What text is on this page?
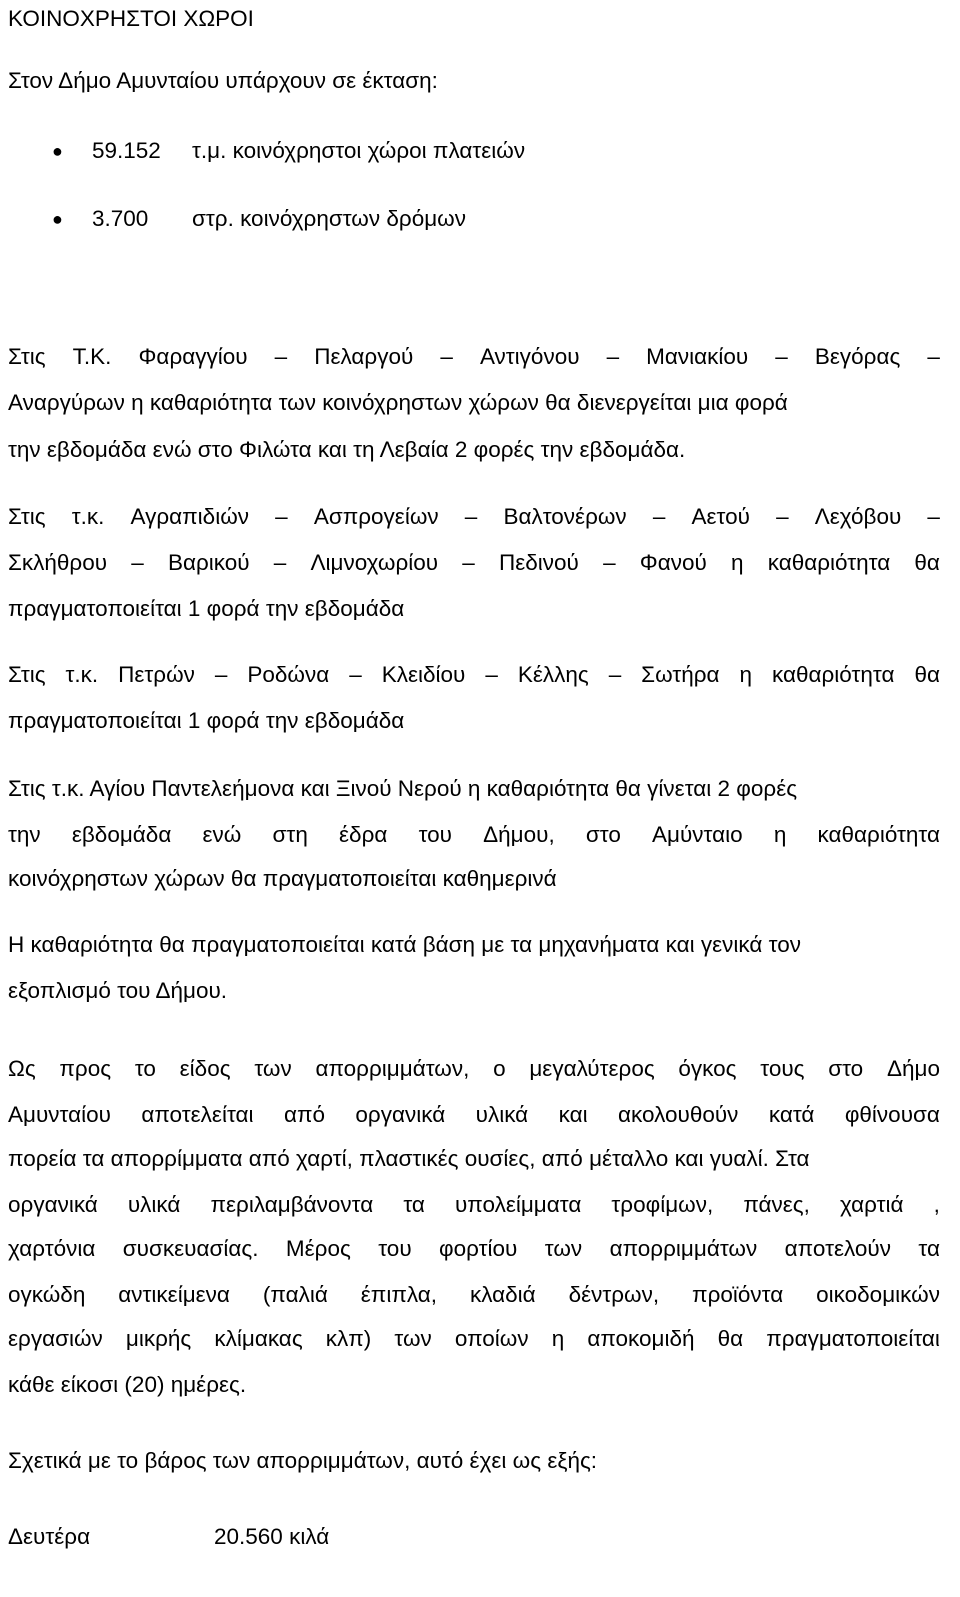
ΚΟΙΝΟΧΡΗΣΤΟΙ ΧΩΡΟΙ
Στον Δήμο Αμυνταίου υπάρχουν σε έκταση:
● 59.152 τ.μ. κοινόχρηστοι χώροι πλατειών
● 3.700 στρ. κοινόχρηστων δρόμων
Στις Τ.Κ. Φαραγγίου – Πελαργού – Αντιγόνου – Μανιακίου – Βεγόρας –
Αναργύρων η καθαριότητα των κοινόχρηστων χώρων θα διενεργείται μια φορά
την εβδομάδα ενώ στο Φιλώτα και τη Λεβαία 2 φορές την εβδομάδα.
Στις τ.κ. Αγραπιδιών – Ασπρογείων – Βαλτονέρων – Αετού – Λεχόβου –
Σκλήθρου – Βαρικού – Λιμνοχωρίου – Πεδινού – Φανού η καθαριότητα θα
πραγματοποιείται 1 φορά την εβδομάδα
Στις τ.κ. Πετρών – Ροδώνα – Κλειδίου – Κέλλης – Σωτήρα η καθαριότητα θα
πραγματοποιείται 1 φορά την εβδομάδα
Στις τ.κ. Αγίου Παντελεήμονα και Ξινού Νερού η καθαριότητα θα γίνεται 2 φορές
την εβδομάδα ενώ στη έδρα του Δήμου, στο Αμύνταιο η καθαριότητα
κοινόχρηστων χώρων θα πραγματοποιείται καθημερινά
Η καθαριότητα θα πραγματοποιείται κατά βάση με τα μηχανήματα και γενικά τον
εξοπλισμό του Δήμου.
Ως προς το είδος των απορριμμάτων, ο μεγαλύτερος όγκος τους στο Δήμο
Αμυνταίου αποτελείται από οργανικά υλικά και ακολουθούν κατά φθίνουσα
πορεία τα απορρίμματα από χαρτί, πλαστικές ουσίες, από μέταλλο και γυαλί. Στα
οργανικά υλικά περιλαμβάνοντα τα υπολείμματα τροφίμων, πάνες, χαρτιά ,
χαρτόνια συσκευασίας. Μέρος του φορτίου των απορριμμάτων αποτελούν τα
ογκώδη αντικείμενα (παλιά έπιπλα, κλαδιά δέντρων, προϊόντα οικοδομικών
εργασιών μικρής κλίμακας κλπ) των οποίων η αποκομιδή θα πραγματοποιείται
κάθε είκοσι (20) ημέρες.
Σχετικά με το βάρος των απορριμμάτων, αυτό έχει ως εξής:
Δευτέρα	20.560 κιλά
